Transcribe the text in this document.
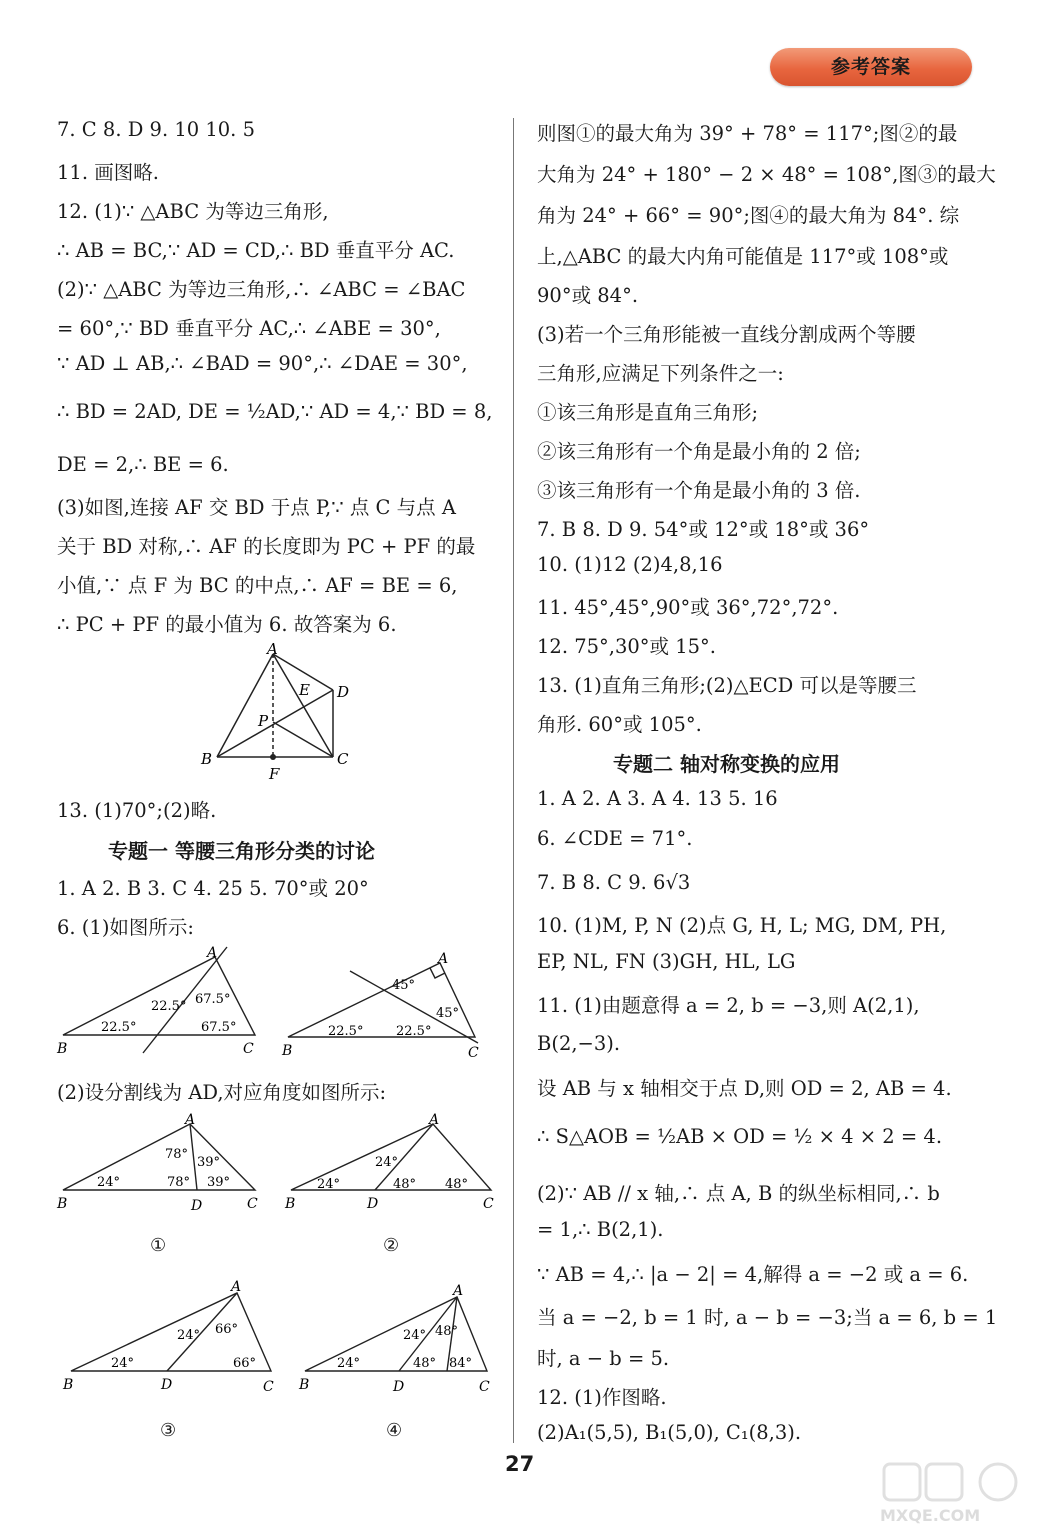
参考答案
7. C 8. D 9. 10 10. 5
11. 画图略.
12. (1)∵ △ABC 为等边三角形,
∴ AB = BC,∵ AD = CD,∴ BD 垂直平分 AC.
(2)∵ △ABC 为等边三角形,∴ ∠ABC = ∠BAC
= 60°,∵ BD 垂直平分 AC,∴ ∠ABE = 30°,
∵ AD ⊥ AB,∴ ∠BAD = 90°,∴ ∠DAE = 30°,
∴ BD = 2AD, DE = ½AD,∵ AD = 4,∵ BD = 8,
DE = 2,∴ BE = 6.
(3)如图,连接 AF 交 BD 于点 P,∵ 点 C 与点 A
关于 BD 对称,∴ AF 的长度即为 PC + PF 的最
小值,∵ 点 F 为 BC 的中点,∴ AF = BE = 6,
∴ PC + PF 的最小值为 6. 故答案为 6.
A
B	C
D
E
F
P
13. (1)70°;(2)略.
专题一 等腰三角形分类的讨论
1. A 2. B 3. C 4. 25 5. 70°或 20°
6. (1)如图所示:
A
B	C
22.5° 67.5°
22.5°	67.5°
A
B	C
45°
45°
22.5°	22.5°
(2)设分割线为 AD,对应角度如图所示:
A
B	D	C
24°
78°
39°
78° 39°
A
B	D	C
24°
24°
48° 48°
①	②
A
B	D	C
24°
24° 66°
66°
A
B	D	C
24°
24° 48°
48° 84°
③	④
则图①的最大角为 39° + 78° = 117°;图②的最
大角为 24° + 180° − 2 × 48° = 108°,图③的最大
角为 24° + 66° = 90°;图④的最大角为 84°. 综
上,△ABC 的最大内角可能值是 117°或 108°或
90°或 84°.
(3)若一个三角形能被一直线分割成两个等腰
三角形,应满足下列条件之一:
①该三角形是直角三角形;
②该三角形有一个角是最小角的 2 倍;
③该三角形有一个角是最小角的 3 倍.
7. B 8. D 9. 54°或 12°或 18°或 36°
10. (1)12 (2)4,8,16
11. 45°,45°,90°或 36°,72°,72°.
12. 75°,30°或 15°.
13. (1)直角三角形;(2)△ECD 可以是等腰三
角形. 60°或 105°.
专题二 轴对称变换的应用
1. A 2. A 3. A 4. 13 5. 16
6. ∠CDE = 71°.
7. B 8. C 9. 6√3
10. (1)M, P, N (2)点 G, H, L; MG, DM, PH,
EP, NL, FN (3)GH, HL, LG
11. (1)由题意得 a = 2, b = −3,则 A(2,1),
B(2,−3).
设 AB 与 x 轴相交于点 D,则 OD = 2, AB = 4.
∴ S△AOB = ½AB × OD = ½ × 4 × 2 = 4.
(2)∵ AB // x 轴,∴ 点 A, B 的纵坐标相同,∴ b
= 1,∴ B(2,1).
∵ AB = 4,∴ |a − 2| = 4,解得 a = −2 或 a = 6.
当 a = −2, b = 1 时, a − b = −3;当 a = 6, b = 1
时, a − b = 5.
12. (1)作图略.
(2)A₁(5,5), B₁(5,0), C₁(8,3).
27
MXQE.COM
